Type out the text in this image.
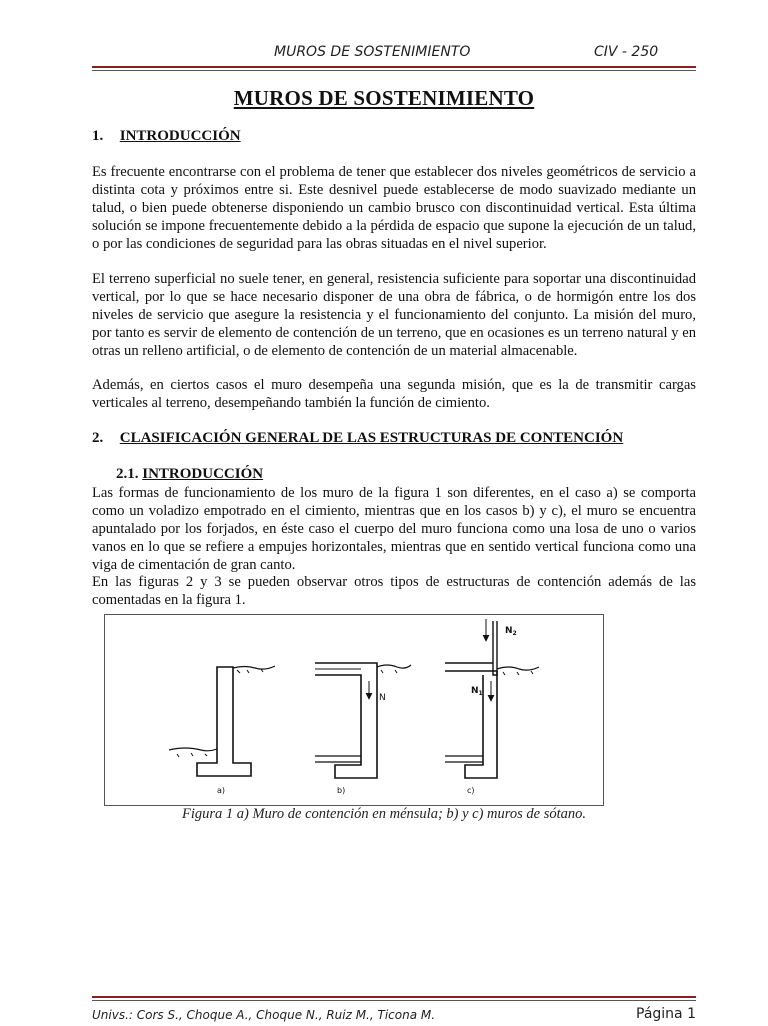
MUROS DE SOSTENIMIENTO	CIV - 250
MUROS DE SOSTENIMIENTO
1. INTRODUCCIÓN

Es frecuente encontrarse con el problema de tener que establecer dos niveles geométricos de servicio a distinta cota y próximos entre si. Este desnivel puede establecerse de modo suavizado mediante un talud, o bien puede obtenerse disponiendo un cambio brusco con discontinuidad vertical. Esta última solución se impone frecuentemente debido a la pérdida de espacio que supone la ejecución de un talud, o por las condiciones de seguridad para las obras situadas en el nivel superior.

El terreno superficial no suele tener, en general, resistencia suficiente para soportar una discontinuidad vertical, por lo que se hace necesario disponer de una obra de fábrica, o de hormigón entre los dos niveles de servicio que asegure la resistencia y el funcionamiento del conjunto. La misión del muro, por tanto es servir de elemento de contención de un terreno, que en ocasiones es un terreno natural y en otras un relleno artificial, o de elemento de contención de un material almacenable.

Además, en ciertos casos el muro desempeña una segunda misión, que es la de transmitir cargas verticales al terreno, desempeñando también la función de cimiento.

2. CLASIFICACIÓN GENERAL DE LAS ESTRUCTURAS DE CONTENCIÓN
2.1. INTRODUCCIÓN

Las formas de funcionamiento de los muro de la figura 1 son diferentes, en el caso a) se comporta como un voladizo empotrado en el cimiento, mientras que en los casos b) y c), el muro se encuentra apuntalado por los forjados, en éste caso el cuerpo del muro funciona como una losa de uno o varios vanos en lo que se refiere a empujes horizontales, mientras que en sentido vertical funciona como una viga de cimentación de gran canto.

En las figuras 2 y 3 se pueden observar otros tipos de estructuras de contención además de las comentadas en la figura 1.

a)
N
b)
$N_2$
$N_1$
c)
Figura 1 a) Muro de contención en ménsula; b) y c) muros de sótano.
Univs.: Cors S., Choque A., Choque N., Ruiz M., Ticona M.	Página 1
